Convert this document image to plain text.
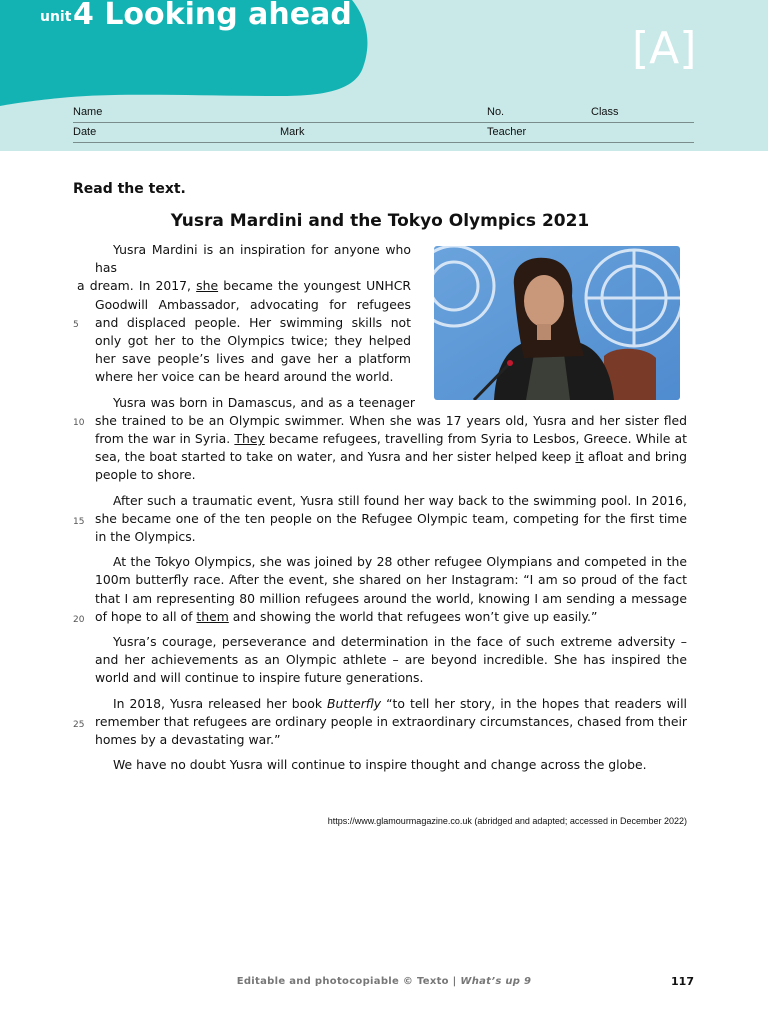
unit 4 Looking ahead
[A]
Name	No.	Class
Date	Mark	Teacher
Read the text.
Yusra Mardini and the Tokyo Olympics 2021
5
10
15
20
25

Yusra Mardini is an inspiration for anyone who has
a dream. In 2017, she became the youngest UNHCR Goodwill Ambassador, advocating for refugees and displaced people. Her swimming skills not only got her to the Olympics twice; they helped her save people’s lives and gave her a platform where her voice can be heard around the world.

Yusra was born in Damascus, and as a teenager she trained to be an Olympic swimmer. When she was 17 years old, Yusra and her sister fled from the war in Syria. They became refugees, travelling from Syria to Lesbos, Greece. While at sea, the boat started to take on water, and Yusra and her sister helped keep it afloat and bring people to shore.

After such a traumatic event, Yusra still found her way back to the swimming pool. In 2016, she became one of the ten people on the Refugee Olympic team, competing for the first time in the Olympics.

At the Tokyo Olympics, she was joined by 28 other refugee Olympians and competed in the 100m butterfly race. After the event, she shared on her Instagram: “I am so proud of the fact that I am representing 80 million refugees around the world, knowing I am sending a message of hope to all of them and showing the world that refugees won’t give up easily.”

Yusra’s courage, perseverance and determination in the face of such extreme adversity – and her achievements as an Olympic athlete – are beyond incredible. She has inspired the world and will continue to inspire future generations.

In 2018, Yusra released her book Butterfly “to tell her story, in the hopes that readers will remember that refugees are ordinary people in extraordinary circumstances, chased from their homes by a devastating war.”

We have no doubt Yusra will continue to inspire thought and change across the globe.

https://www.glamourmagazine.co.uk (abridged and adapted; accessed in December 2022)
Editable and photocopiable © Texto | What’s up 9	117
